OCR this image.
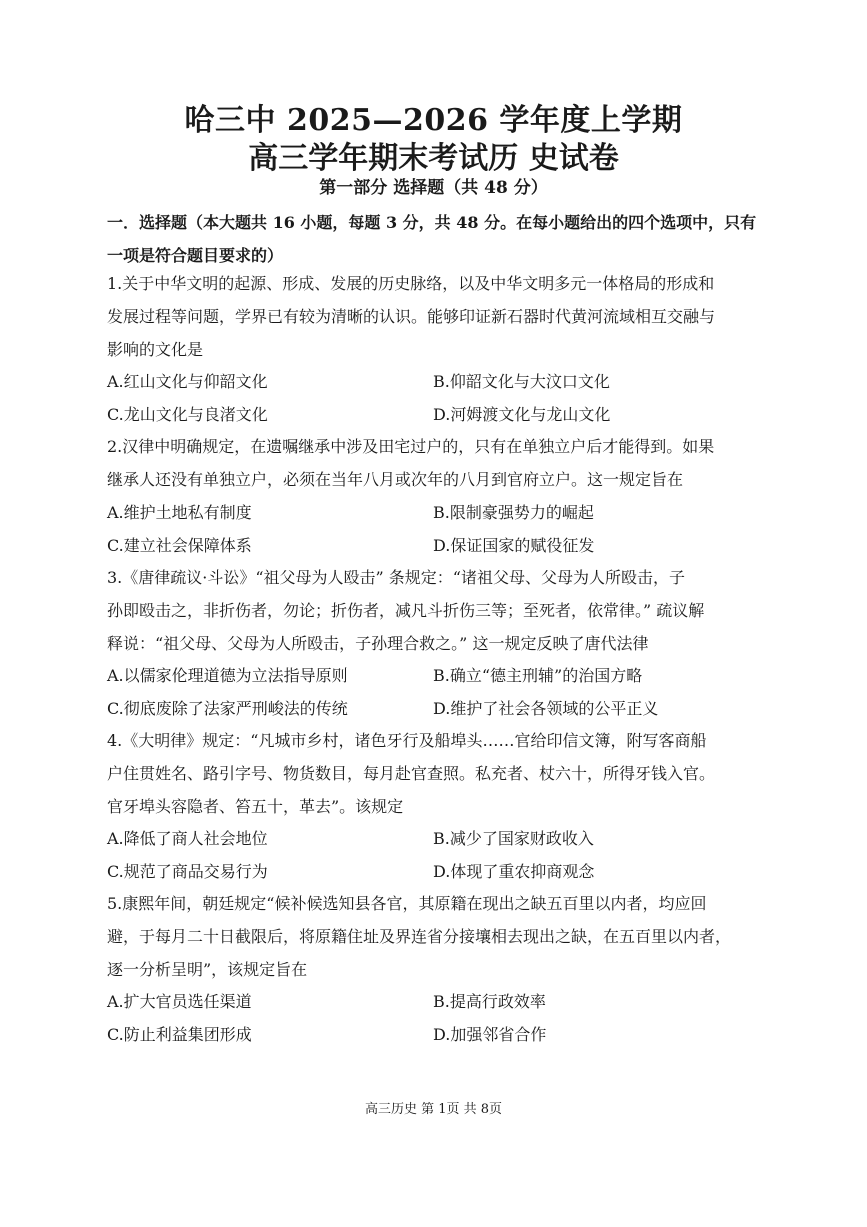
哈三中 2025—2026 学年度上学期
高三学年期末考试历 史试卷
第一部分 选择题（共 48 分）
一．选择题（本大题共 16 小题，每题 3 分，共 48 分。在每小题给出的四个选项中，只有一项是符合题目要求的）
1.关于中华文明的起源、形成、发展的历史脉络，以及中华文明多元一体格局的形成和
发展过程等问题，学界已有较为清晰的认识。能够印证新石器时代黄河流域相互交融与
影响的文化是
A.红山文化与仰韶文化	B.仰韶文化与大汶口文化
C.龙山文化与良渚文化	D.河姆渡文化与龙山文化
2.汉律中明确规定，在遗嘱继承中涉及田宅过户的，只有在单独立户后才能得到。如果
继承人还没有单独立户，必须在当年八月或次年的八月到官府立户。这一规定旨在
A.维护土地私有制度	B.限制豪强势力的崛起
C.建立社会保障体系	D.保证国家的赋役征发
3.《唐律疏议·斗讼》“祖父母为人殴击” 条规定：“诸祖父母、父母为人所殴击，子
孙即殴击之，非折伤者，勿论；折伤者，减凡斗折伤三等；至死者，依常律。” 疏议解
释说：“祖父母、父母为人所殴击，子孙理合救之。” 这一规定反映了唐代法律
A.以儒家伦理道德为立法指导原则	B.确立“德主刑辅”的治国方略
C.彻底废除了法家严刑峻法的传统	D.维护了社会各领域的公平正义
4.《大明律》规定：“凡城市乡村，诸色牙行及船埠头……官给印信文簿，附写客商船
户住贯姓名、路引字号、物货数目，每月赴官查照。私充者、杖六十，所得牙钱入官。
官牙埠头容隐者、笞五十，革去”。该规定
A.降低了商人社会地位	B.减少了国家财政收入
C.规范了商品交易行为	D.体现了重农抑商观念
5.康熙年间，朝廷规定“候补候选知县各官，其原籍在现出之缺五百里以内者，均应回
避，于每月二十日截限后，将原籍住址及界连省分接壤相去现出之缺，在五百里以内者，
逐一分析呈明”，该规定旨在
A.扩大官员选任渠道	B.提高行政效率
C.防止利益集团形成	D.加强邻省合作
高三历史 第 1页 共 8页
